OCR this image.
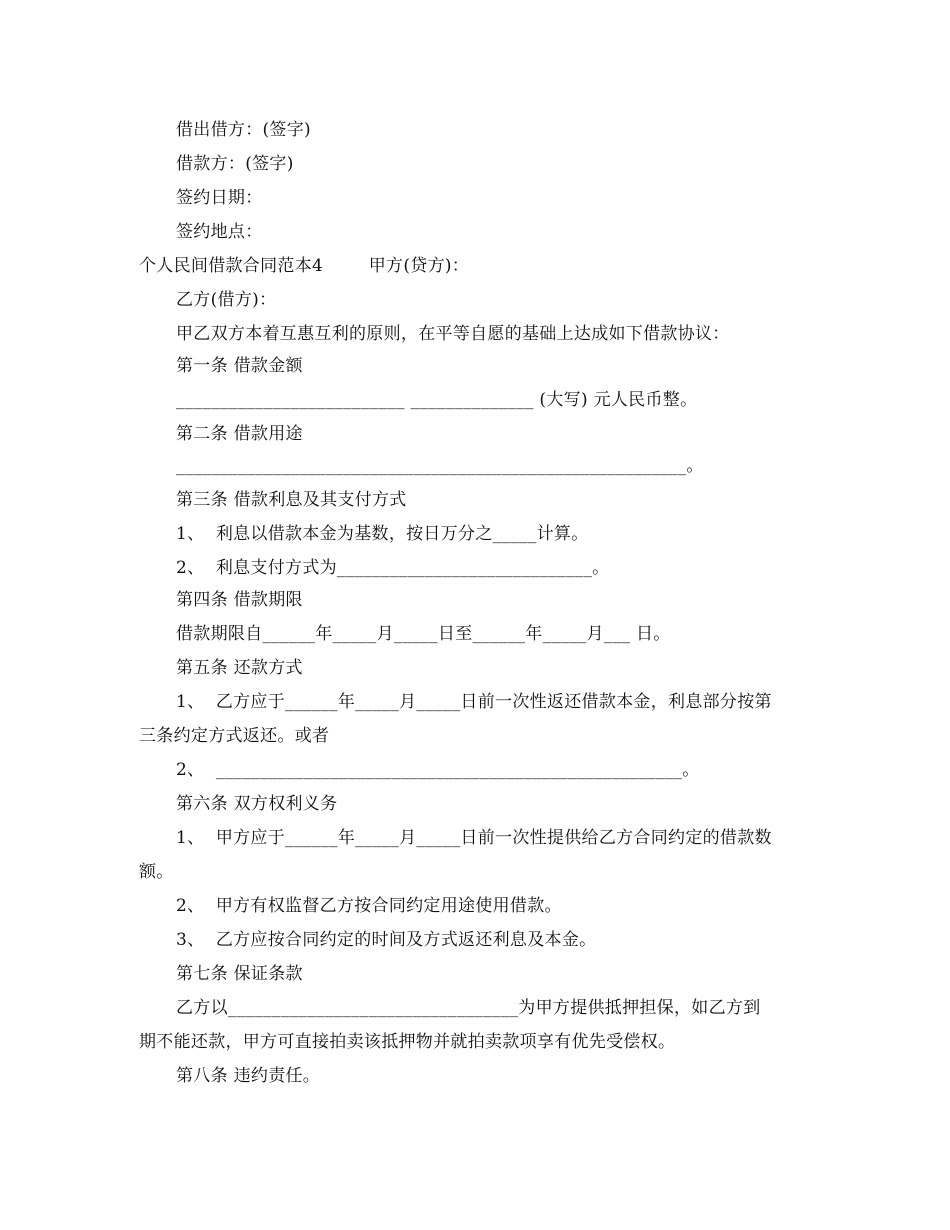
借出借方：(签字)
借款方：(签字)
签约日期：
签约地点：
个人民间借款合同范本4        甲方(贷方)：
乙方(借方)：
甲乙双方本着互惠互利的原则，在平等自愿的基础上达成如下借款协议：
第一条 借款金额
__________________________ ______________ (大写) 元人民币整。
第二条 借款用途
__________________________________________________________。
第三条 借款利息及其支付方式
1、  利息以借款本金为基数，按日万分之_____计算。
2、  利息支付方式为_____________________________。
第四条 借款期限
借款期限自______年_____月_____日至______年_____月___ 日。
第五条 还款方式
1、  乙方应于______年_____月_____日前一次性返还借款本金，利息部分按第
三条约定方式返还。或者
2、  _____________________________________________________。
第六条 双方权利义务
1、  甲方应于______年_____月_____日前一次性提供给乙方合同约定的借款数
额。
2、  甲方有权监督乙方按合同约定用途使用借款。
3、  乙方应按合同约定的时间及方式返还利息及本金。
第七条 保证条款
乙方以_________________________________为甲方提供抵押担保，如乙方到
期不能还款，甲方可直接拍卖该抵押物并就拍卖款项享有优先受偿权。
第八条 违约责任。
